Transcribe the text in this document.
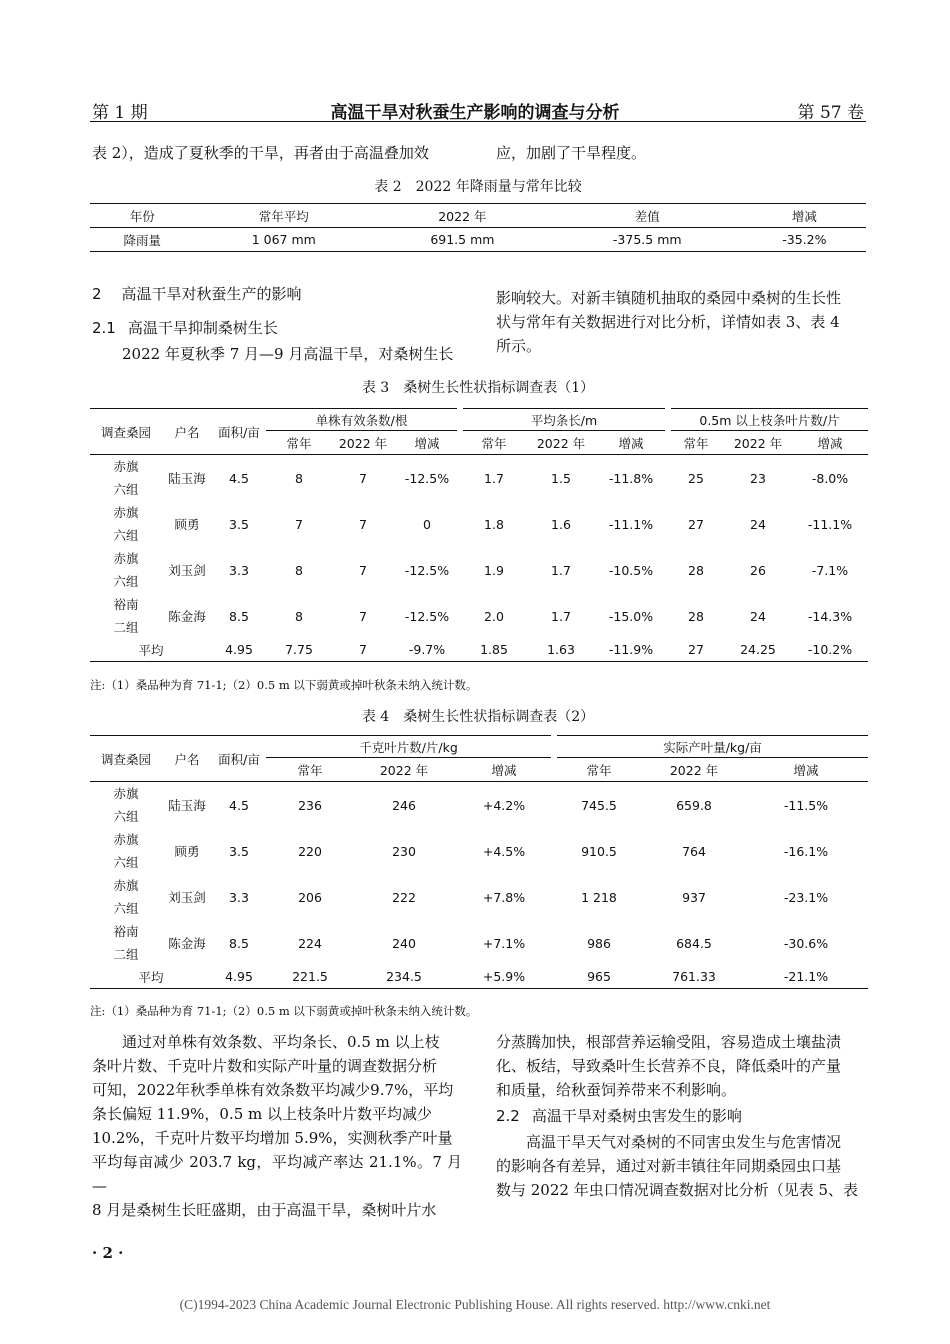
第 1 期	高温干旱对秋蚕生产影响的调查与分析	第 57 卷
表 2），造成了夏秋季的干旱，再者由于高温叠加效	应，加剧了干旱程度。
表 2　2022 年降雨量与常年比较
年份	常年平均	2022 年	差值	增减
降雨量	1 067 mm	691.5 mm	-375.5 mm	-35.2%
2 高温干旱对秋蚕生产的影响
2.1 高温干旱抑制桑树生长
2022 年夏秋季 7 月—9 月高温干旱，对桑树生长
影响较大。对新丰镇随机抽取的桑园中桑树的生长性
状与常年有关数据进行对比分析，详情如表 3、表 4
所示。
表 3　桑树生长性状指标调查表（1）
调查桑园	户名	面积/亩	单株有效条数/根			平均条长/m			0.5m 以上枝条叶片数/片		
			常年	2022 年	增减	常年	2022 年	增减	常年	2022 年	增减
赤旗
六组	陆玉海	4.5	8	7	-12.5%	1.7	1.5	-11.8%	25	23	-8.0%
赤旗
六组	顾勇	3.5	7	7	0	1.8	1.6	-11.1%	27	24	-11.1%
赤旗
六组	刘玉剑	3.3	8	7	-12.5%	1.9	1.7	-10.5%	28	26	-7.1%
裕南
二组	陈金海	8.5	8	7	-12.5%	2.0	1.7	-15.0%	28	24	-14.3%
平均		4.95	7.75	7	-9.7%	1.85	1.63	-11.9%	27	24.25	-10.2%
注:（1）桑品种为育 71-1;（2）0.5 m 以下弱黄或掉叶秋条未纳入统计数。
表 4　桑树生长性状指标调查表（2）
调查桑园	户名	面积/亩	千克叶片数/片/kg			实际产叶量/kg/亩		
			常年	2022 年	增减	常年	2022 年	增减
赤旗
六组	陆玉海	4.5	236	246	+4.2%	745.5	659.8	-11.5%
赤旗
六组	顾勇	3.5	220	230	+4.5%	910.5	764	-16.1%
赤旗
六组	刘玉剑	3.3	206	222	+7.8%	1 218	937	-23.1%
裕南
二组	陈金海	8.5	224	240	+7.1%	986	684.5	-30.6%
平均		4.95	221.5	234.5	+5.9%	965	761.33	-21.1%
注:（1）桑品种为育 71-1;（2）0.5 m 以下弱黄或掉叶秋条未纳入统计数。
通过对单株有效条数、平均条长、0.5 m 以上枝
条叶片数、千克叶片数和实际产叶量的调查数据分析
可知，2022年秋季单株有效条数平均减少9.7%，平均
条长偏短 11.9%，0.5 m 以上枝条叶片数平均减少
10.2%，千克叶片数平均增加 5.9%，实测秋季产叶量
平均每亩减少 203.7 kg，平均减产率达 21.1%。7 月—
8 月是桑树生长旺盛期，由于高温干旱，桑树叶片水
分蒸腾加快，根部营养运输受阻，容易造成土壤盐渍
化、板结，导致桑叶生长营养不良，降低桑叶的产量
和质量，给秋蚕饲养带来不利影响。
2.2 高温干旱对桑树虫害发生的影响
高温干旱天气对桑树的不同害虫发生与危害情况
的影响各有差异，通过对新丰镇往年同期桑园虫口基
数与 2022 年虫口情况调查数据对比分析（见表 5、表
· 2 ·
(C)1994-2023 China Academic Journal Electronic Publishing House. All rights reserved. http://www.cnki.net
